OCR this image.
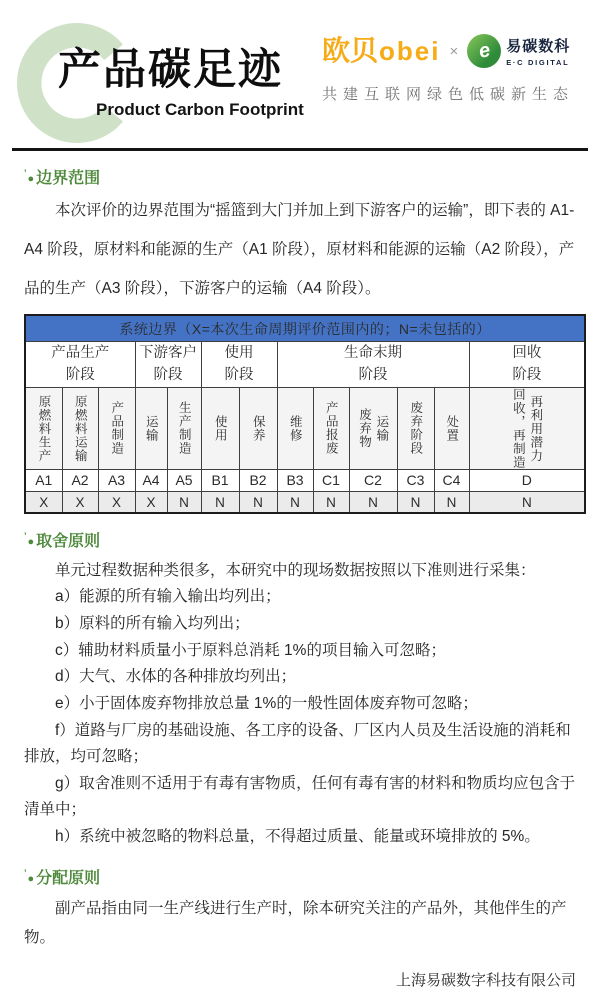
产品碳足迹
Product Carbon Footprint
欧贝obei × e 易碳数科
E·C DIGITAL
共建互联网绿色低碳新生态
’● 边界范围

本次评价的边界范围为“摇篮到大门并加上到下游客户的运输”，即下表的 A1-A4 阶段，原材料和能源的生产（A1 阶段），原材料和能源的运输（A2 阶段），产品的生产（A3 阶段），下游客户的运输（A4 阶段）。

系统边界（X=本次生命周期评价范围内的；N=未包括的）												

产品生产
阶段

下游客户
阶段

使用
阶段

生命末期
阶段

回收
阶段

原燃料生产	原燃料运输	产品制造	运输	生产制造	使用	保养	维修	产品报废	废弃物 运输	废弃阶段	处置	回收，再制造 再利用潜力

A1	A2	A3	A4	A5	B1	B2	B3	C1	C2	C3	C4	D
X	X	X	X	N	N	N	N	N	N	N	N	N
’● 取舍原则

单元过程数据种类很多，本研究中的现场数据按照以下准则进行采集：

a）能源的所有输入输出均列出；

b）原料的所有输入均列出；

c）辅助材料质量小于原料总消耗 1%的项目输入可忽略；

d）大气、水体的各种排放均列出；

e）小于固体废弃物排放总量 1%的一般性固体废弃物可忽略；

f）道路与厂房的基础设施、各工序的设备、厂区内人员及生活设施的消耗和排放，均可忽略；

g）取舍准则不适用于有毒有害物质，任何有毒有害的材料和物质均应包含于清单中；

h）系统中被忽略的物料总量，不得超过质量、能量或环境排放的 5%。

’● 分配原则

副产品指由同一生产线进行生产时，除本研究关注的产品外，其他伴生的产物。

上海易碳数字科技有限公司
